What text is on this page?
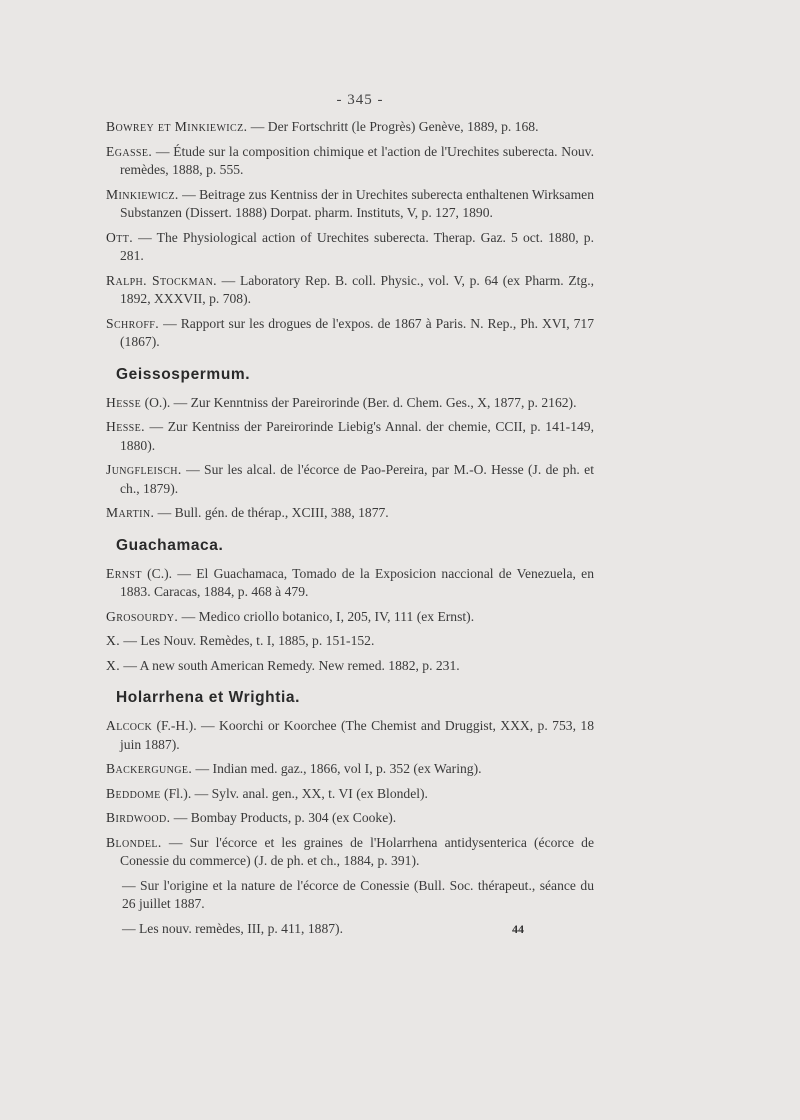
- 345 -

Bowrey et Minkiewicz. — Der Fortschritt (le Progrès) Genève, 1889, p. 168.

Egasse. — Étude sur la composition chimique et l'action de l'Urechites suberecta. Nouv. remèdes, 1888, p. 555.

Minkiewicz. — Beitrage zus Kentniss der in Urechites suberecta enthaltenen Wirksamen Substanzen (Dissert. 1888) Dorpat. pharm. Instituts, V, p. 127, 1890.

Ott. — The Physiological action of Urechites suberecta. Therap. Gaz. 5 oct. 1880, p. 281.

Ralph. Stockman. — Laboratory Rep. B. coll. Physic., vol. V, p. 64 (ex Pharm. Ztg., 1892, XXXVII, p. 708).

Schroff. — Rapport sur les drogues de l'expos. de 1867 à Paris. N. Rep., Ph. XVI, 717 (1867).

Geissospermum.

Hesse (O.). — Zur Kenntniss der Pareirorinde (Ber. d. Chem. Ges., X, 1877, p. 2162).

Hesse. — Zur Kentniss der Pareirorinde Liebig's Annal. der chemie, CCII, p. 141-149, 1880).

Jungfleisch. — Sur les alcal. de l'écorce de Pao-Pereira, par M.-O. Hesse (J. de ph. et ch., 1879).

Martin. — Bull. gén. de thérap., XCIII, 388, 1877.

Guachamaca.

Ernst (C.). — El Guachamaca, Tomado de la Exposicion naccional de Venezuela, en 1883. Caracas, 1884, p. 468 à 479.

Grosourdy. — Medico criollo botanico, I, 205, IV, 111 (ex Ernst).

X. — Les Nouv. Remèdes, t. I, 1885, p. 151-152.

X. — A new south American Remedy. New remed. 1882, p. 231.

Holarrhena et Wrightia.

Alcock (F.-H.). — Koorchi or Koorchee (The Chemist and Druggist, XXX, p. 753, 18 juin 1887).

Backergunge. — Indian med. gaz., 1866, vol I, p. 352 (ex Waring).

Beddome (Fl.). — Sylv. anal. gen., XX, t. VI (ex Blondel).

Birdwood. — Bombay Products, p. 304 (ex Cooke).

Blondel. — Sur l'écorce et les graines de l'Holarrhena antidysenterica (écorce de Conessie du commerce) (J. de ph. et ch., 1884, p. 391).

— Sur l'origine et la nature de l'écorce de Conessie (Bull. Soc. thérapeut., séance du 26 juillet 1887.

— Les nouv. remèdes, III, p. 411, 1887).	44
